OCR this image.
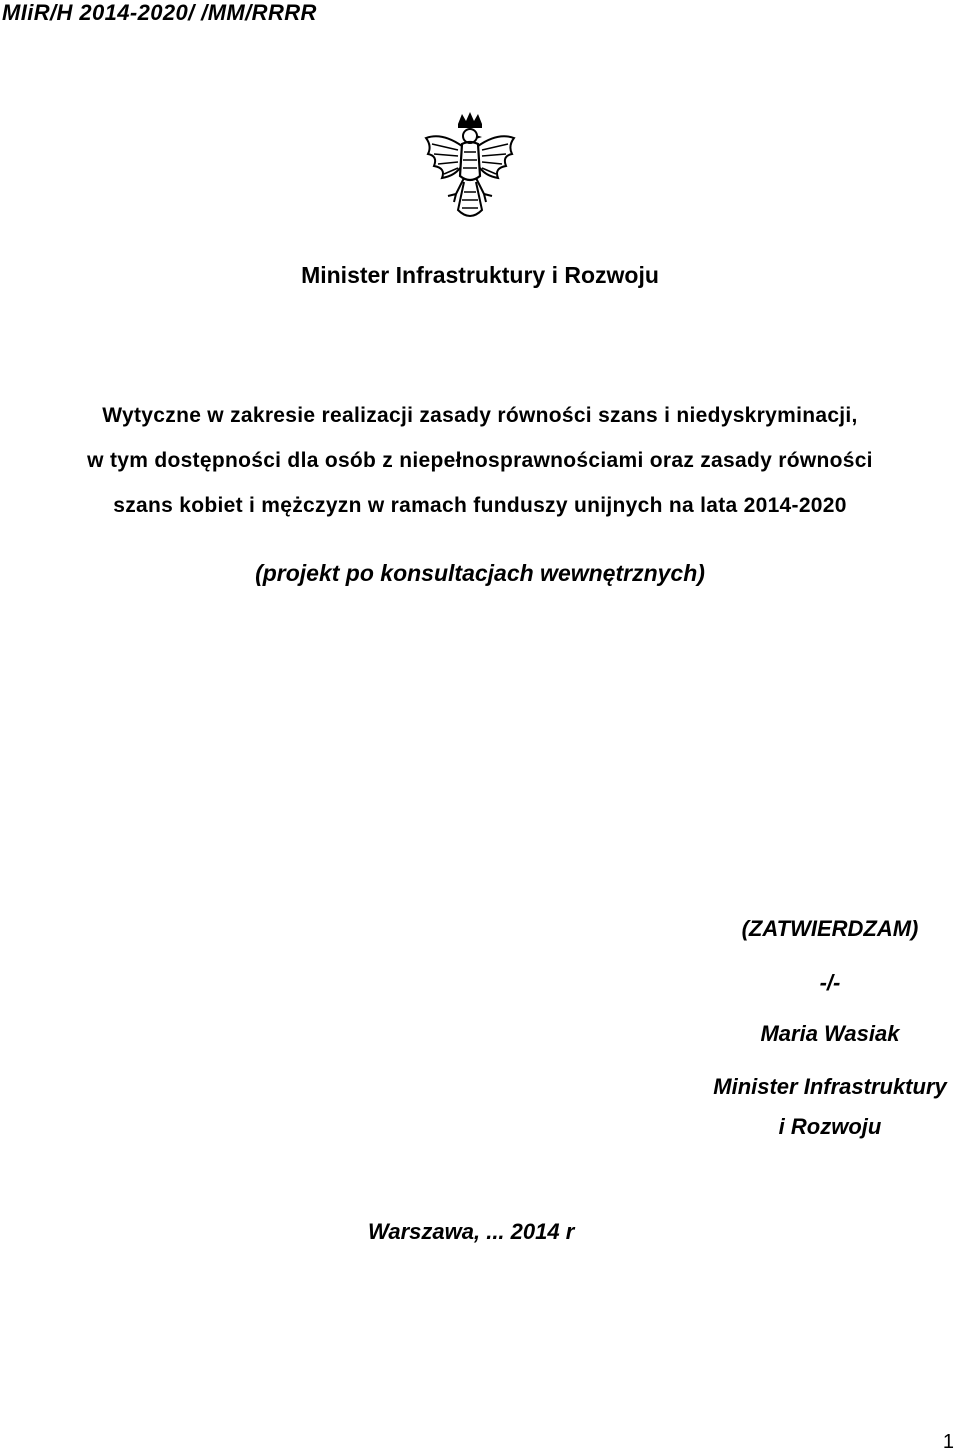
MIiR/H 2014-2020/ /MM/RRRR
Minister Infrastruktury i Rozwoju
Wytyczne w zakresie realizacji zasady równości szans i niedyskryminacji,
w tym dostępności dla osób z niepełnosprawnościami oraz zasady równości
szans kobiet i mężczyzn w ramach funduszy unijnych na lata 2014-2020
(projekt po konsultacjach wewnętrznych)
(ZATWIERDZAM)
-/-
Maria Wasiak
Minister Infrastruktury
i Rozwoju
Warszawa, ... 2014 r
1
